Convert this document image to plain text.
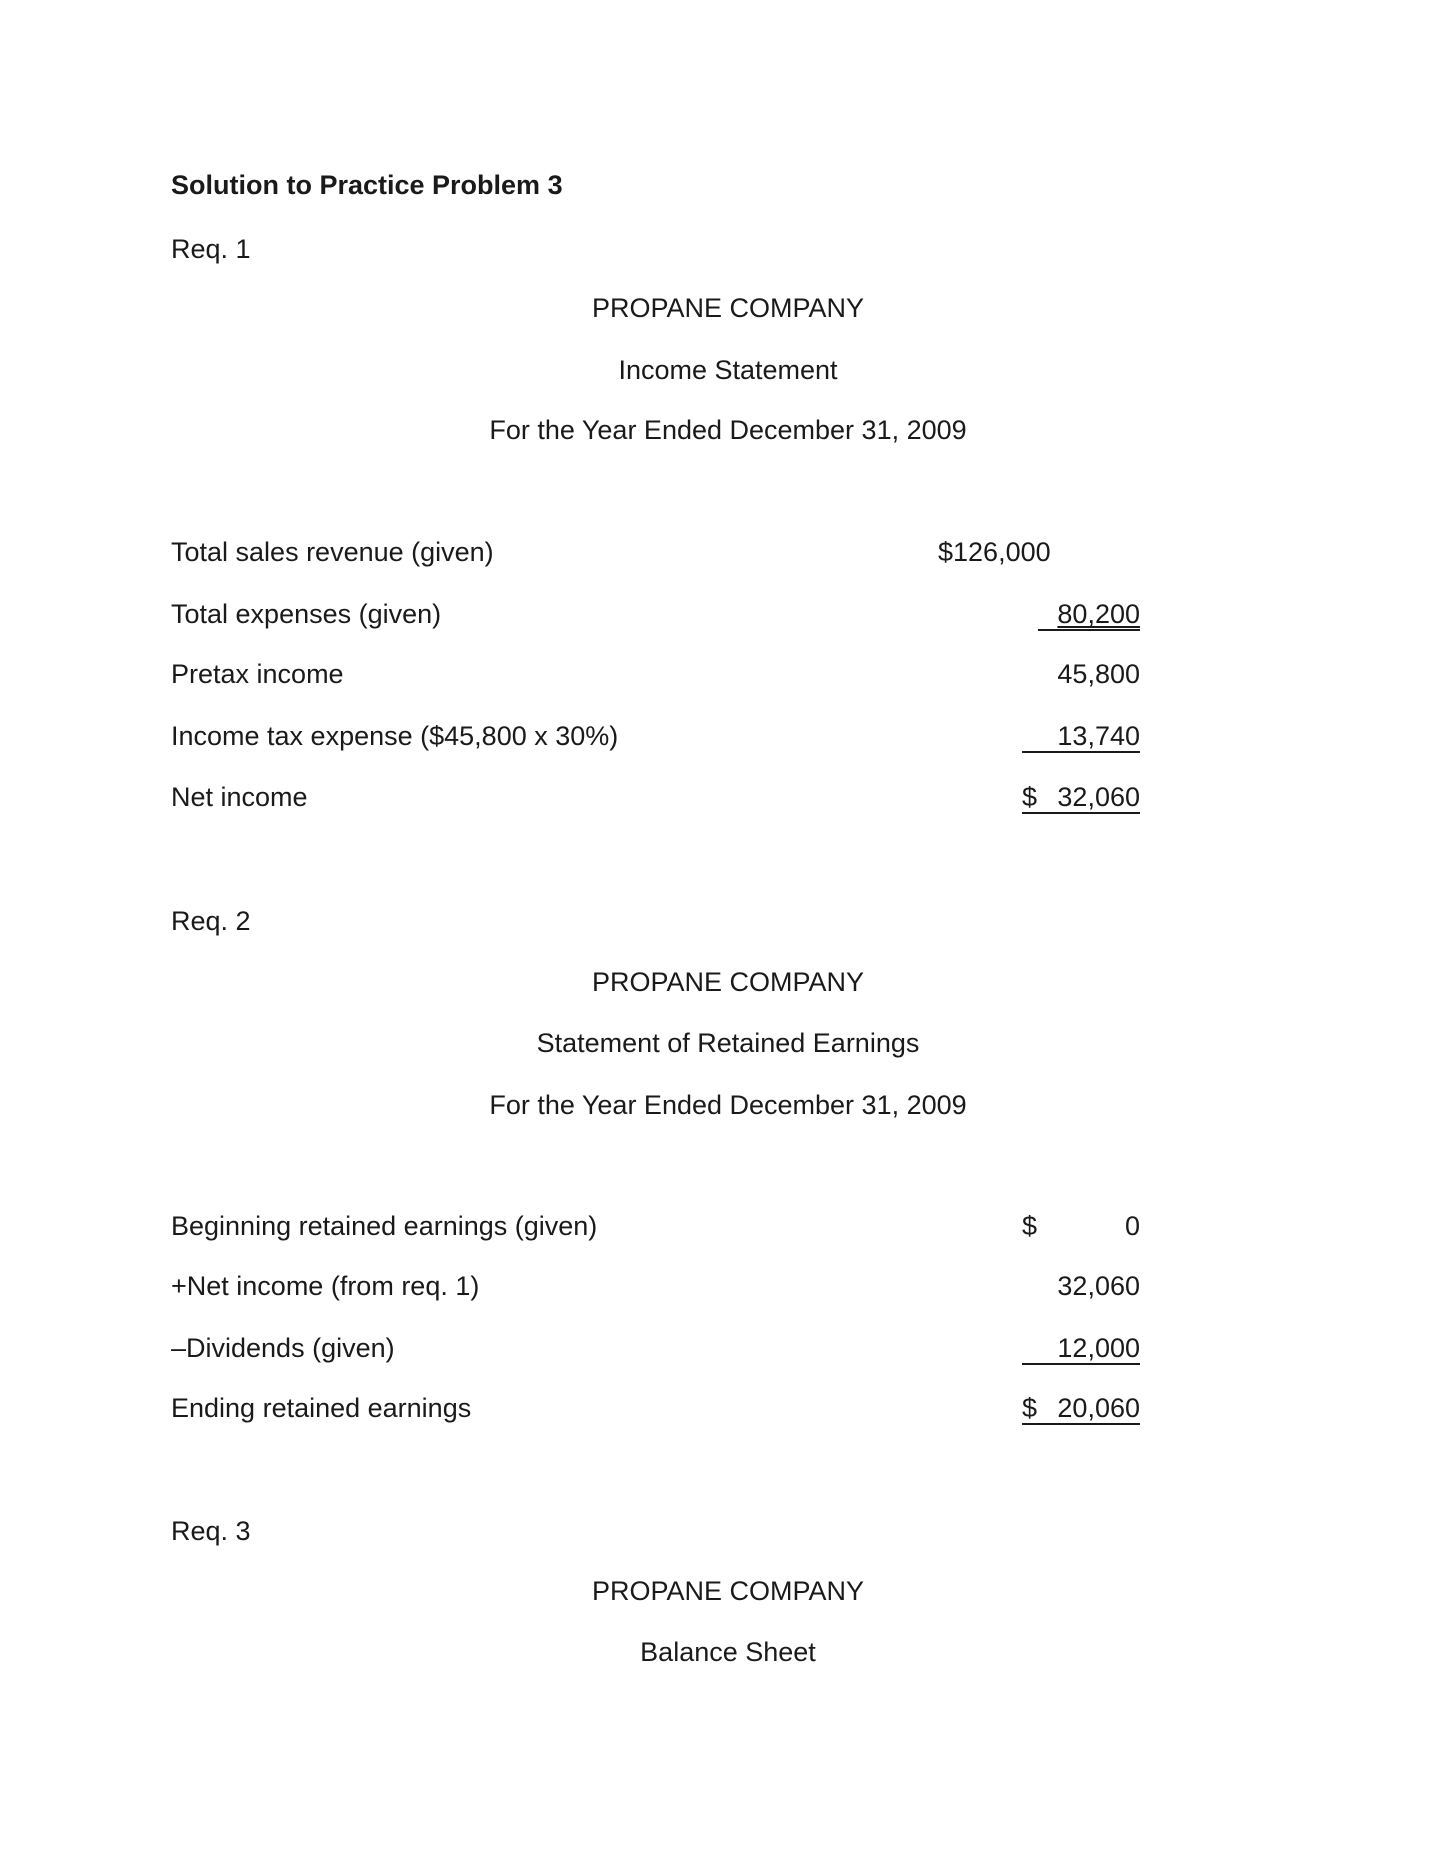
Solution to Practice Problem 3
Req. 1
PROPANE COMPANY
Income Statement
For the Year Ended December 31, 2009
Total sales revenue (given)	$126,000
Total expenses (given)	80,200
Pretax income	45,800
Income tax expense ($45,800 x 30%)	13,740
Net income	$ 32,060
Req. 2
PROPANE COMPANY
Statement of Retained Earnings
For the Year Ended December 31, 2009
Beginning retained earnings (given)	$	0
+Net income (from req. 1)	32,060
–Dividends (given)	12,000
Ending retained earnings	$ 20,060
Req. 3
PROPANE COMPANY
Balance Sheet
